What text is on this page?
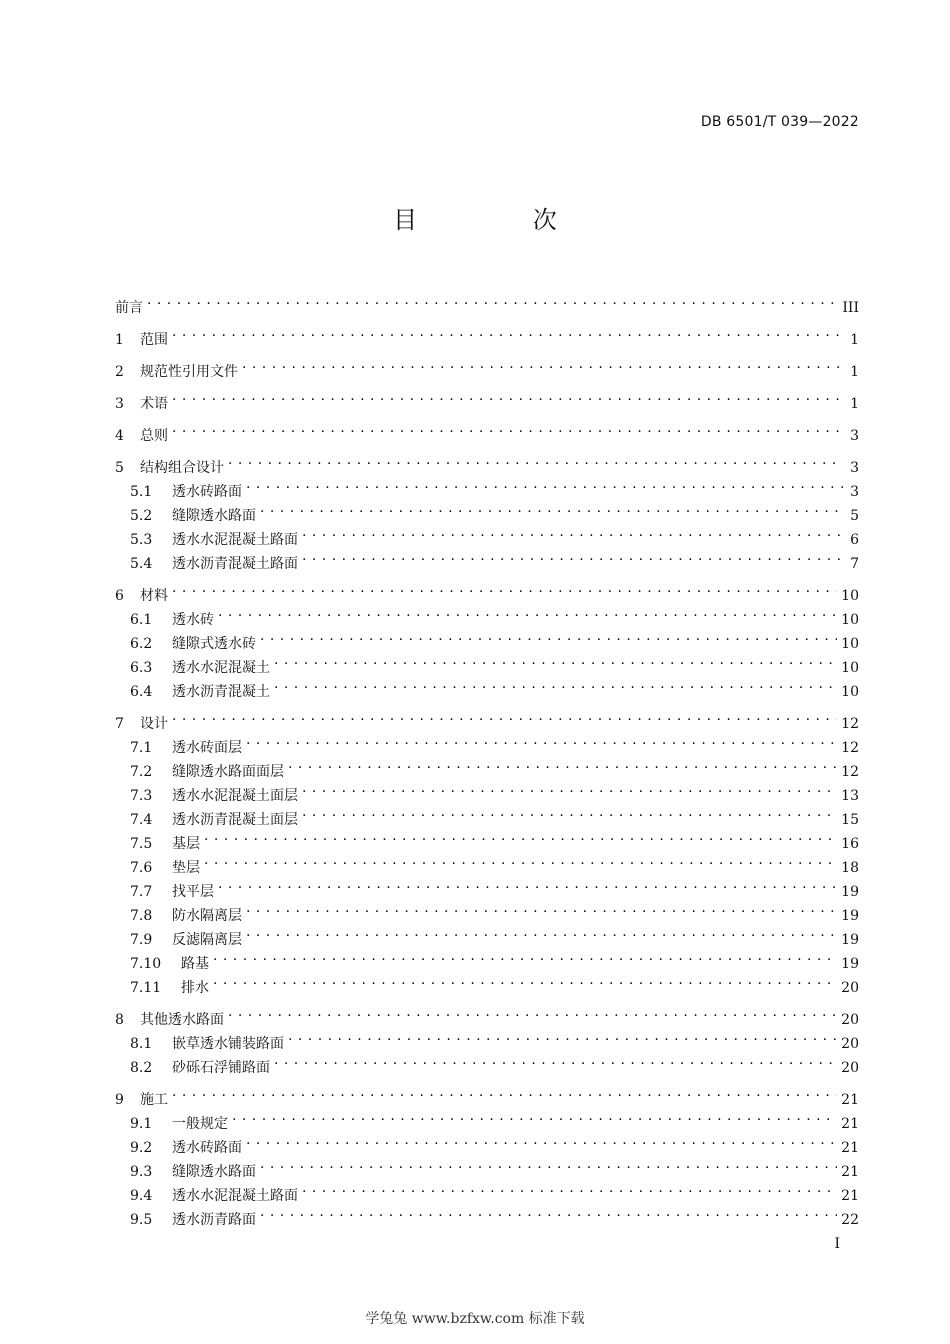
DB 6501/T 039—2022
目 次
前言 . . .	III
1	范围 . . .	1
2	规范性引用文件 . . .	1
3	术语 . . .	1
4	总则 . . .	3
5	结构组合设计 . . .	3
5.1	透水砖路面 . . .	3
5.2	缝隙透水路面 . . .	5
5.3	透水水泥混凝土路面 . . .	6
5.4	透水沥青混凝土路面 . . .	7
6	材料 . . .	10
6.1	透水砖 . . .	10
6.2	缝隙式透水砖 . . .	10
6.3	透水水泥混凝土 . . .	10
6.4	透水沥青混凝土 . . .	10
7	设计 . . .	12
7.1	透水砖面层 . . .	12
7.2	缝隙透水路面面层 . . .	12
7.3	透水水泥混凝土面层 . . .	13
7.4	透水沥青混凝土面层 . . .	15
7.5	基层 . . .	16
7.6	垫层 . . .	18
7.7	找平层 . . .	19
7.8	防水隔离层 . . .	19
7.9	反滤隔离层 . . .	19
7.10	路基 . . .	19
7.11	排水 . . .	20
8	其他透水路面 . . .	20
8.1	嵌草透水铺装路面 . . .	20
8.2	砂砾石浮铺路面 . . .	20
9	施工 . . .	21
9.1	一般规定 . . .	21
9.2	透水砖路面 . . .	21
9.3	缝隙透水路面 . . .	21
9.4	透水水泥混凝土路面 . . .	21
9.5	透水沥青路面 . . .	22
I
学兔兔 www.bzfxw.com 标准下载
